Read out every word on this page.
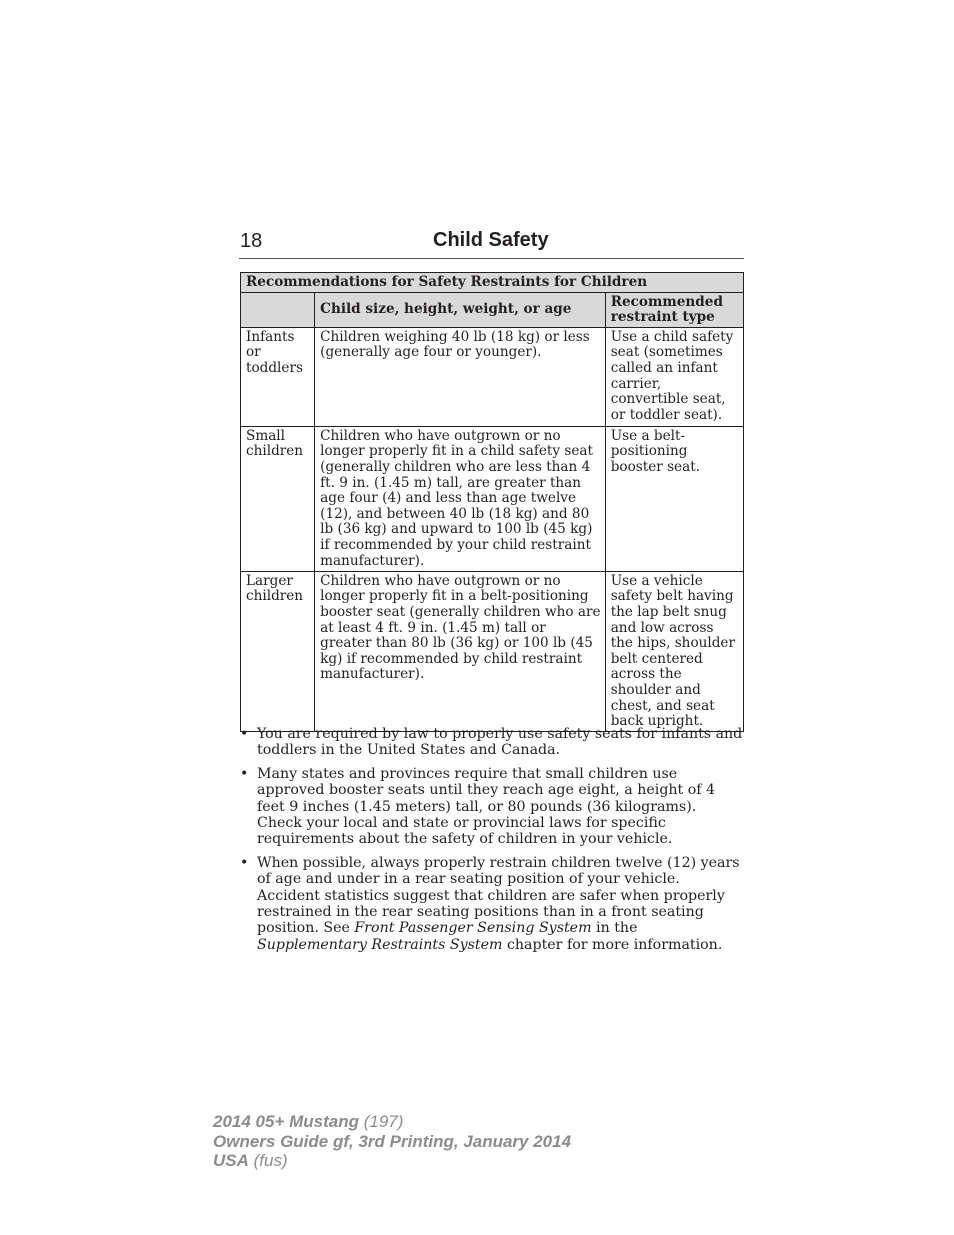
18	Child Safety
Recommendations for Safety Restraints for Children		
	Child size, height, weight, or age	Recommended restraint type
Infants or toddlers	Children weighing 40 lb (18 kg) or less (generally age four or younger).	Use a child safety seat (sometimes called an infant carrier, convertible seat, or toddler seat).
Small children	Children who have outgrown or no longer properly fit in a child safety seat (generally children who are less than 4 ft. 9 in. (1.45 m) tall, are greater than age four (4) and less than age twelve (12), and between 40 lb (18 kg) and 80 lb (36 kg) and upward to 100 lb (45 kg) if recommended by your child restraint manufacturer).	Use a belt-positioning booster seat.
Larger children	Children who have outgrown or no longer properly fit in a belt-positioning booster seat (generally children who are at least 4 ft. 9 in. (1.45 m) tall or greater than 80 lb (36 kg) or 100 lb (45 kg) if recommended by child restraint manufacturer).	Use a vehicle safety belt having the lap belt snug and low across the hips, shoulder belt centered across the shoulder and chest, and seat back upright.
• You are required by law to properly use safety seats for infants and toddlers in the United States and Canada.
• Many states and provinces require that small children use approved booster seats until they reach age eight, a height of 4 feet 9 inches (1.45 meters) tall, or 80 pounds (36 kilograms). Check your local and state or provincial laws for specific requirements about the safety of children in your vehicle.
• When possible, always properly restrain children twelve (12) years of age and under in a rear seating position of your vehicle. Accident statistics suggest that children are safer when properly restrained in the rear seating positions than in a front seating position. See Front Passenger Sensing System in the Supplementary Restraints System chapter for more information.
2014 05+ Mustang (197)
Owners Guide gf, 3rd Printing, January 2014
USA (fus)
